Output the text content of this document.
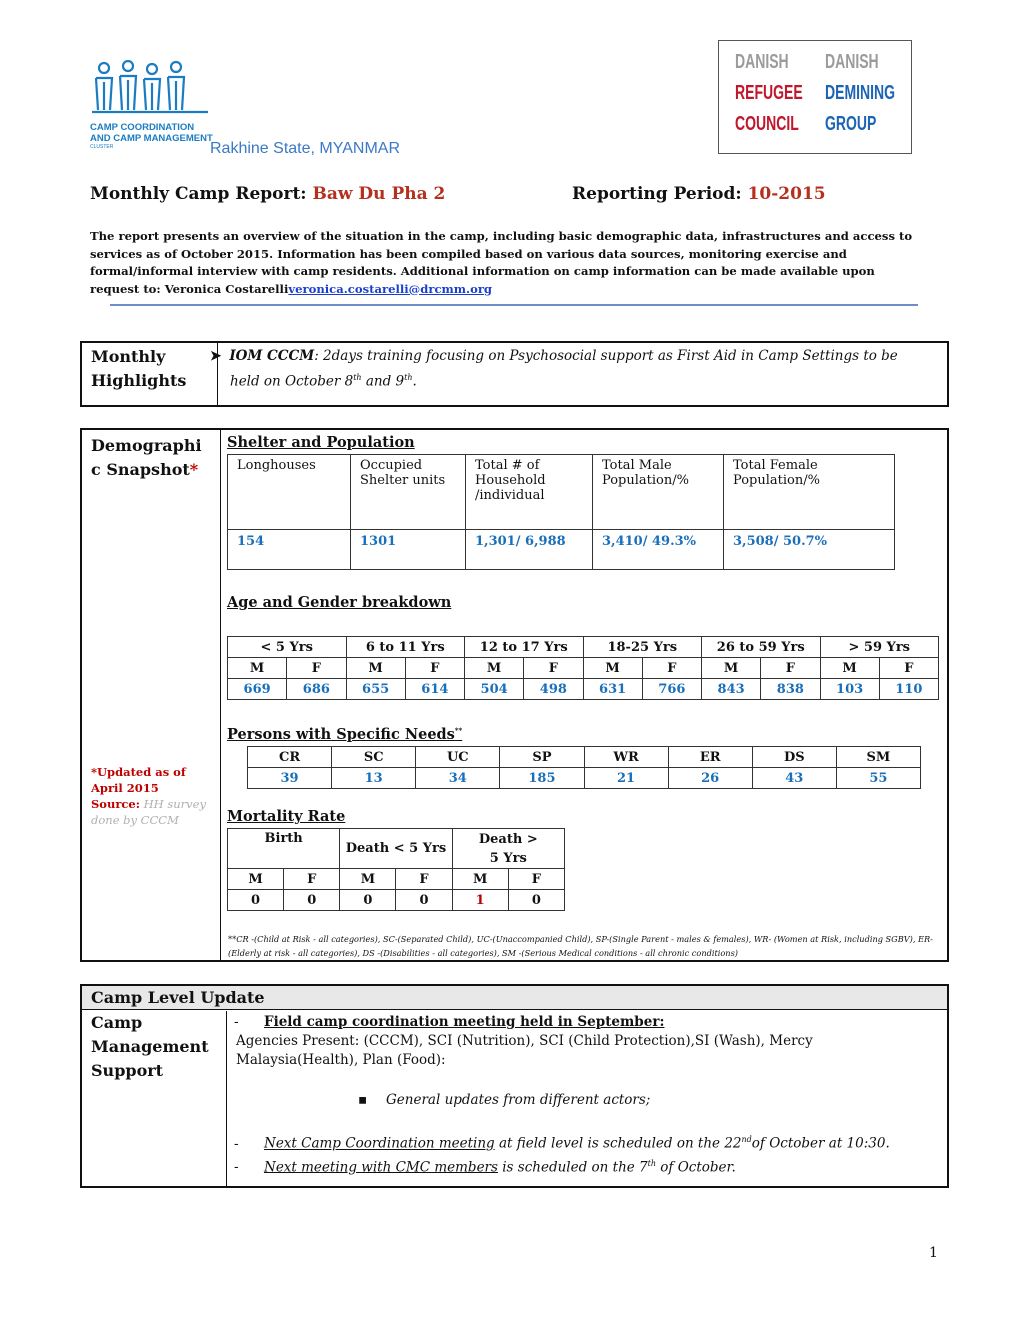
CAMP COORDINATION
AND CAMP MANAGEMENT
CLUSTER	Rakhine State, MYANMAR
DANISH
REFUGEE
COUNCIL
DANISH
DEMINING
GROUP
Monthly Camp Report: Baw Du Pha 2	Reporting Period: 10-2015
The report presents an overview of the situation in the camp, including basic demographic data, infrastructures and access to services as of October 2015. Information has been compiled based on various data sources, monitoring exercise and formal/informal interview with camp residents. Additional information on camp information can be made available upon request to: Veronica Costarelliveronica.costarelli@drcmm.org
Monthly Highlights
➤ IOM CCCM: 2days training focusing on Psychosocial support as First Aid in Camp Settings to be held on October 8th and 9th.
Demographic Snapshot*
*Updated as of April 2015
Source: HH survey done by CCCM
Shelter and Population
Longhouses	Occupied Shelter units	Total # of Household /individual	Total Male Population/%	Total Female Population/%
154	1301	1,301/ 6,988	3,410/ 49.3%	3,508/ 50.7%
Age and Gender breakdown
< 5 Yrs		6 to 11 Yrs		12 to 17 Yrs		18-25 Yrs		26 to 59 Yrs		> 59 Yrs	
M	F	M	F	M	F	M	F	M	F	M	F
669	686	655	614	504	498	631	766	843	838	103	110
Persons with Specific Needs**
CR	SC	UC	SP	WR	ER	DS	SM
39	13	34	185	21	26	43	55
Mortality Rate
Birth		Death < 5 Yrs		Death > 5 Yrs	
M	F	M	F	M	F
0	0	0	0	1	0
**CR -(Child at Risk - all categories), SC-(Separated Child), UC-(Unaccompanied Child), SP-(Single Parent - males & females), WR- (Women at Risk, including SGBV), ER-(Elderly at risk - all categories), DS -(Disabilities - all categories), SM -(Serious Medical conditions - all chronic conditions)
Camp Level Update
Camp Management Support
- Field camp coordination meeting held in September:
Agencies Present: (CCCM), SCI (Nutrition), SCI (Child Protection),SI (Wash), Mercy Malaysia(Health), Plan (Food):
▪ General updates from different actors;
- Next Camp Coordination meeting at field level is scheduled on the 22ndof October at 10:30.
- Next meeting with CMC members is scheduled on the 7th of October.
1
